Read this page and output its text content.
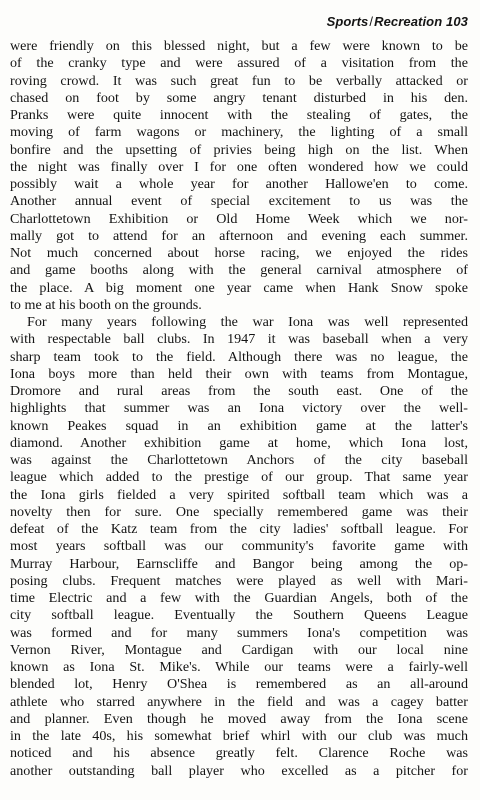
Sports/Recreation 103
were friendly on this blessed night, but a few were known to be
of the cranky type and were assured of a visitation from the
roving crowd. It was such great fun to be verbally attacked or
chased on foot by some angry tenant disturbed in his den.
Pranks were quite innocent with the stealing of gates, the
moving of farm wagons or machinery, the lighting of a small
bonfire and the upsetting of privies being high on the list. When
the night was finally over I for one often wondered how we could
possibly wait a whole year for another Hallowe'en to come.
Another annual event of special excitement to us was the
Charlottetown Exhibition or Old Home Week which we nor-
mally got to attend for an afternoon and evening each summer.
Not much concerned about horse racing, we enjoyed the rides
and game booths along with the general carnival atmosphere of
the place. A big moment one year came when Hank Snow spoke
to me at his booth on the grounds.
For many years following the war Iona was well represented
with respectable ball clubs. In 1947 it was baseball when a very
sharp team took to the field. Although there was no league, the
Iona boys more than held their own with teams from Montague,
Dromore and rural areas from the south east. One of the
highlights that summer was an Iona victory over the well-
known Peakes squad in an exhibition game at the latter's
diamond. Another exhibition game at home, which Iona lost,
was against the Charlottetown Anchors of the city baseball
league which added to the prestige of our group. That same year
the Iona girls fielded a very spirited softball team which was a
novelty then for sure. One specially remembered game was their
defeat of the Katz team from the city ladies' softball league. For
most years softball was our community's favorite game with
Murray Harbour, Earnscliffe and Bangor being among the op-
posing clubs. Frequent matches were played as well with Mari-
time Electric and a few with the Guardian Angels, both of the
city softball league. Eventually the Southern Queens League
was formed and for many summers Iona's competition was
Vernon River, Montague and Cardigan with our local nine
known as Iona St. Mike's. While our teams were a fairly-well
blended lot, Henry O'Shea is remembered as an all-around
athlete who starred anywhere in the field and was a cagey batter
and planner. Even though he moved away from the Iona scene
in the late 40s, his somewhat brief whirl with our club was much
noticed and his absence greatly felt. Clarence Roche was
another outstanding ball player who excelled as a pitcher for
